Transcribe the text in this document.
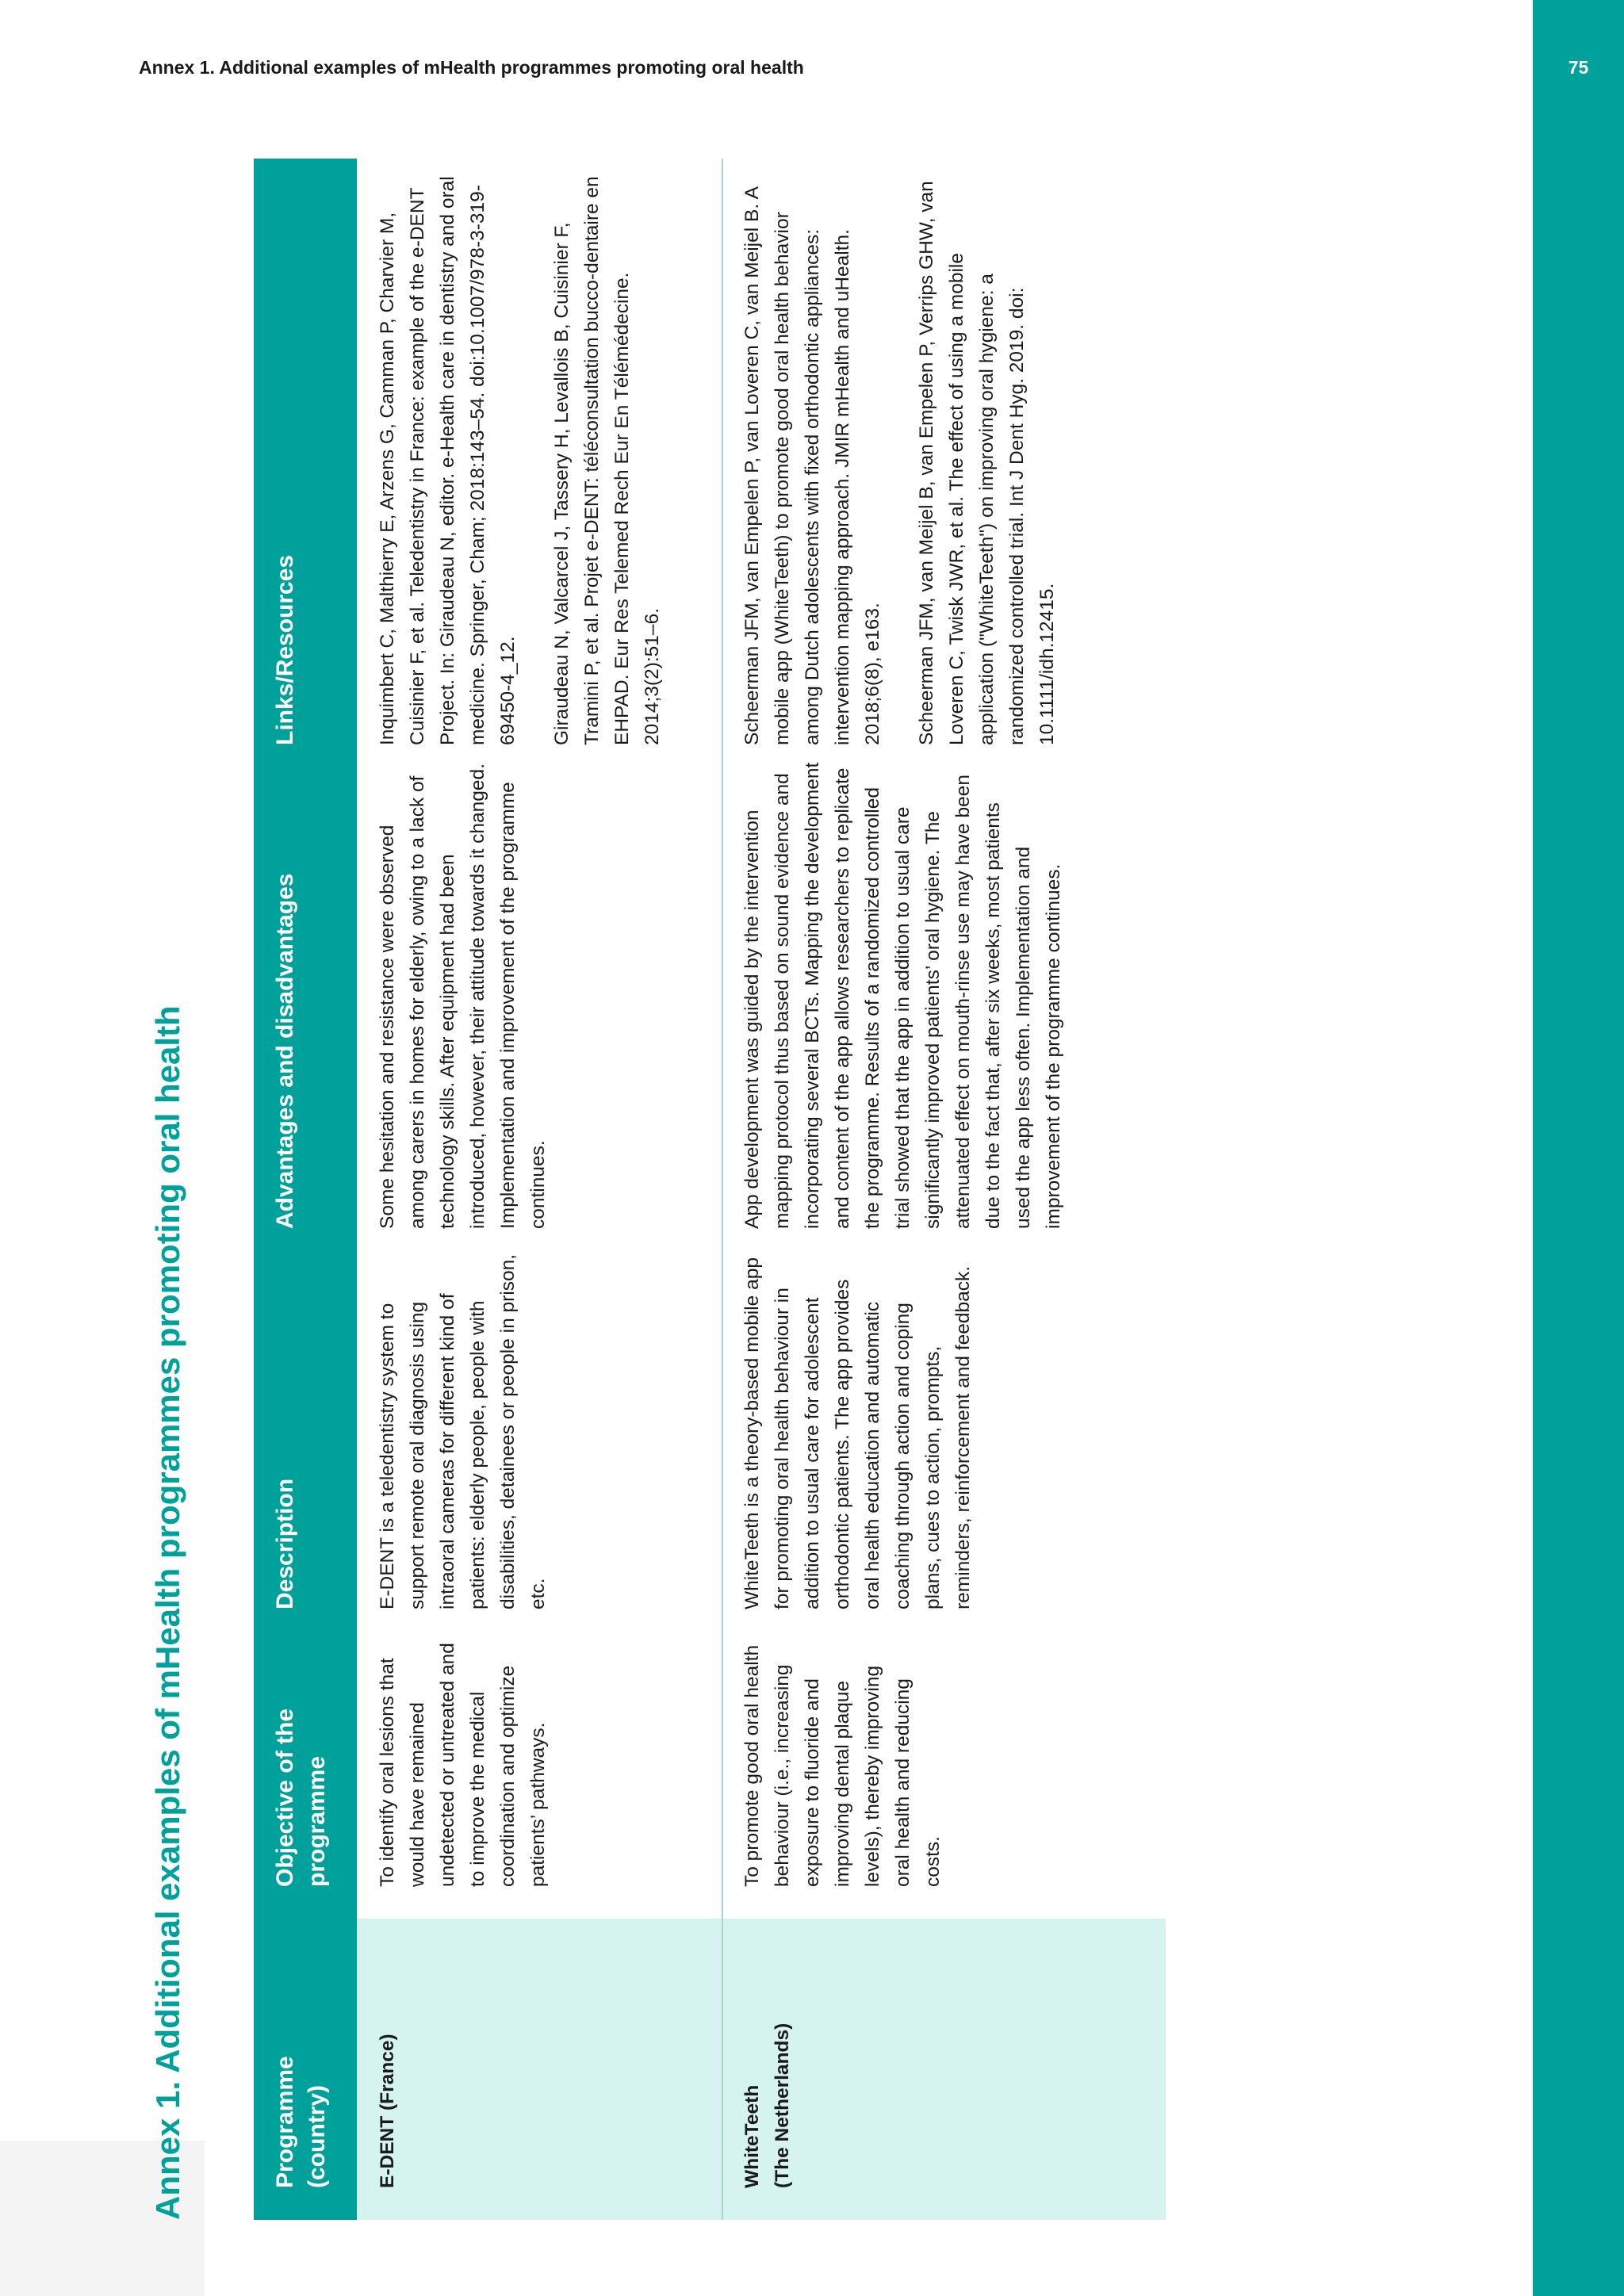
75
Annex 1. Additional examples of mHealth programmes promoting oral health
Annex 1. Additional examples of mHealth programmes promoting oral health	Programme (country)
Objective of the programme
Description
Advantages and disadvantages
Links/Resources
E-DENT (France)
To identify oral lesions that would have remained undetected or untreated and to improve the medical coordination and optimize patients’ pathways.
E-DENT is a teledentistry system to support remote oral diagnosis using intraoral cameras for different kind of patients: elderly people, people with disabilities, detainees or people in prison, etc.
Some hesitation and resistance were observed among carers in homes for elderly, owing to a lack of technology skills. After equipment had been introduced, however, their attitude towards it changed. Implementation and improvement of the programme continues.
Inquimbert C, Malthierry E, Arzens G, Camman P, Charvier M, Cuisinier F, et al. Teledentistry in France: example of the e-DENT Project. In: Giraudeau N, editor. e-Health care in dentistry and oral medicine. Springer, Cham; 2018:143–54. doi:10.1007/978-3-319-69450-4_12. Giraudeau N, Valcarcel J, Tassery H, Levallois B, Cuisinier F, Tramini P, et al. Projet e-DENT: téléconsultation bucco-dentaire en EHPAD. Eur Res Telemed Rech Eur En Télémédecine. 2014;3(2):51–6.
WhiteTeeth (The Netherlands)
To promote good oral health behaviour (i.e., increasing exposure to fluoride and improving dental plaque levels), thereby improving oral health and reducing costs.
WhiteTeeth is a theory-based mobile app for promoting oral health behaviour in addition to usual care for adolescent orthodontic patients. The app provides oral health education and automatic coaching through action and coping plans, cues to action, prompts, reminders, reinforcement and feedback.
App development was guided by the intervention mapping protocol thus based on sound evidence and incorporating several BCTs. Mapping the development and content of the app allows researchers to replicate the programme. Results of a randomized controlled trial showed that the app in addition to usual care significantly improved patients’ oral hygiene. The attenuated effect on mouth-rinse use may have been due to the fact that, after six weeks, most patients used the app less often. Implementation and improvement of the programme continues.
Scheerman JFM, van Empelen P, van Loveren C, van Meijel B. A mobile app (WhiteTeeth) to promote good oral health behavior among Dutch adolescents with fixed orthodontic appliances: intervention mapping approach. JMIR mHealth and uHealth. 2018;6(8), e163. Scheerman JFM, van Meijel B, van Empelen P, Verrips GHW, van Loveren C, Twisk JWR, et al. The effect of using a mobile application ("WhiteTeeth") on improving oral hygiene: a randomized controlled trial. Int J Dent Hyg. 2019. doi: 10.1111/idh.12415.
